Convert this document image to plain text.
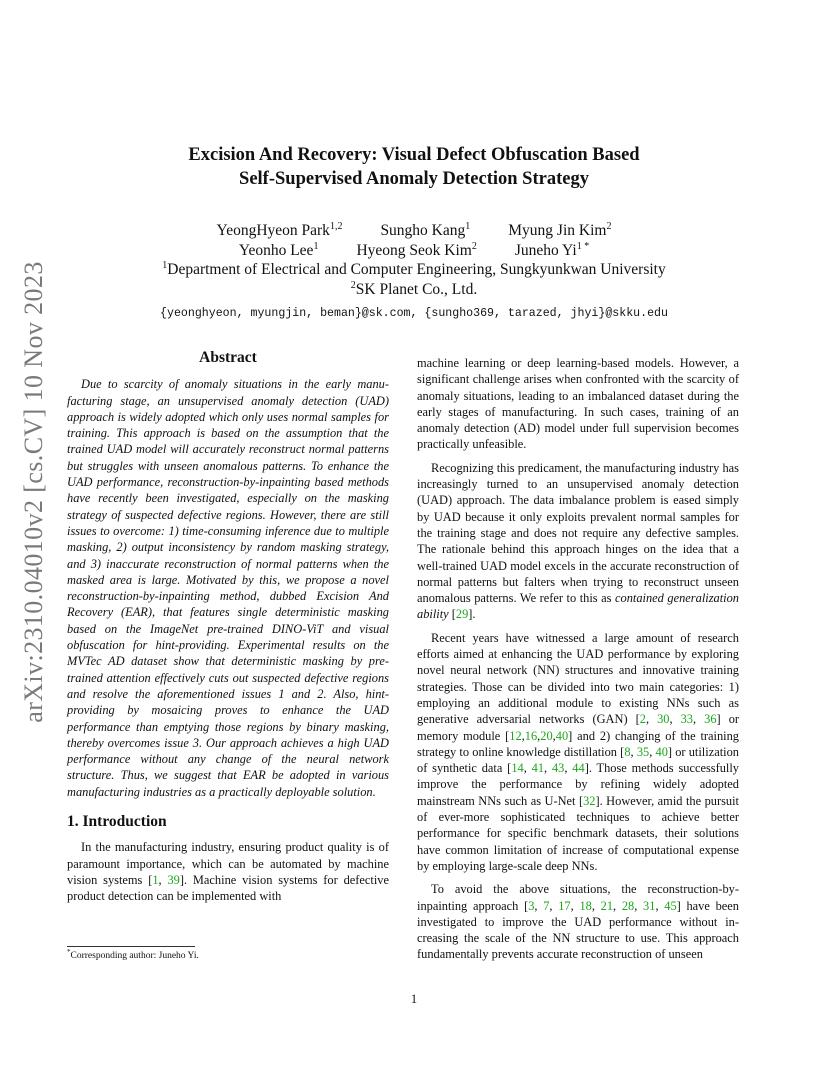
arXiv:2310.04010v2 [cs.CV] 10 Nov 2023
Excision And Recovery: Visual Defect Obfuscation Based
Self-Supervised Anomaly Detection Strategy
YeongHyeon Park$^{1,2}$ Sungho Kang$^1$ Myung Jin Kim$^2$
Yeonho Lee$^1$ Hyeong Seok Kim$^2$ Juneho $Yi^{1 *}$
$^1$Department of Electrical and Computer Engineering, Sungkyunkwan University
$^2$SK Planet Co., Ltd.
{yeonghyeon, myungjin, beman}@sk.com, {sungho369, tarazed, jhyi}@skku.edu
Abstract

Due to scarcity of anomaly situations in the early manufacturing stage, an unsupervised anomaly detection (UAD) approach is widely adopted which only uses normal samples for training. This approach is based on the assumption that the trained UAD model will accurately reconstruct normal patterns but struggles with unseen anomalous patterns. To enhance the UAD performance, reconstruction-by-inpainting based methods have recently been investigated, especially on the masking strategy of suspected defective regions. However, there are still issues to overcome: 1) time-consuming inference due to multiple masking, 2) output inconsistency by random masking strategy, and 3) inaccurate reconstruction of normal patterns when the masked area is large. Motivated by this, we propose a novel reconstruction-by-inpainting method, dubbed Excision And Recovery (EAR), that features single deterministic masking based on the ImageNet pre-trained DINO-ViT and visual obfuscation for hint-providing. Experimental results on the MVTec AD dataset show that deterministic masking by pre-trained attention effectively cuts out suspected defective regions and resolve the aforementioned issues 1 and 2. Also, hint-providing by mosaicing proves to enhance the UAD performance than emptying those regions by binary masking, thereby overcomes issue 3. Our approach achieves a high UAD performance without any change of the neural network structure. Thus, we suggest that EAR be adopted in various manufacturing industries as a practically deployable solution.

1. Introduction

In the manufacturing industry, ensuring product quality is of paramount importance, which can be automated by machine vision systems [1, 39]. Machine vision systems for defective product detection can be implemented with

machine learning or deep learning-based models. However, a significant challenge arises when confronted with the scarcity of anomaly situations, leading to an imbalanced dataset during the early stages of manufacturing. In such cases, training of an anomaly detection (AD) model under full supervision becomes practically unfeasible.

Recognizing this predicament, the manufacturing industry has increasingly turned to an unsupervised anomaly detection (UAD) approach. The data imbalance problem is eased simply by UAD because it only exploits prevalent normal samples for the training stage and does not require any defective samples. The rationale behind this approach hinges on the idea that a well-trained UAD model excels in the accurate reconstruction of normal patterns but falters when trying to reconstruct unseen anomalous patterns. We refer to this as contained generalization ability [29].

Recent years have witnessed a large amount of research efforts aimed at enhancing the UAD performance by exploring novel neural network (NN) structures and innovative training strategies. Those can be divided into two main categories: 1) employing an additional module to existing NNs such as generative adversarial networks (GAN) [2, 30, 33, 36] or memory module [12,16,20,40] and 2) changing of the training strategy to online knowledge distillation [8, 35, 40] or utilization of synthetic data [14, 41, 43, 44]. Those methods successfully improve the performance by refining widely adopted mainstream NNs such as U-Net [32]. However, amid the pursuit of ever-more sophisticated techniques to achieve better performance for specific benchmark datasets, their solutions have common limitation of increase of computational expense by employing large-scale deep NNs.

To avoid the above situations, the reconstruction-by-inpainting approach [3, 7, 17, 18, 21, 28, 31, 45] have been investigated to improve the UAD performance without increasing the scale of the NN structure to use. This approach fundamentally prevents accurate reconstruction of unseen

*Corresponding author: Juneho Yi.
1
